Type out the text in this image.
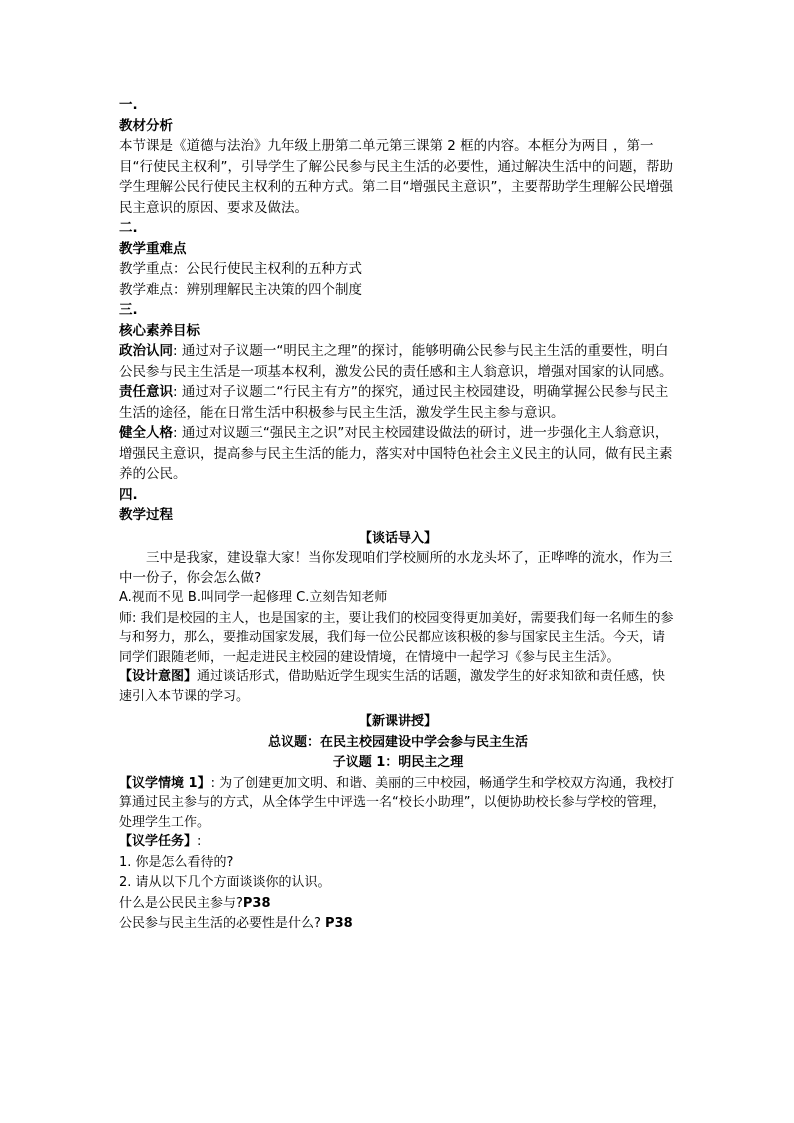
一.

教材分析

本节课是《道德与法治》九年级上册第二单元第三课第 2 框的内容。本框分为两目 ，第一目“行使民主权利”，引导学生了解公民参与民主生活的必要性，通过解决生活中的问题，帮助学生理解公民行使民主权利的五种方式。第二目“增强民主意识”，主要帮助学生理解公民增强民主意识的原因、要求及做法。

二.

教学重难点

教学重点：公民行使民主权利的五种方式

教学难点：辨别理解民主决策的四个制度

三.

核心素养目标

政治认同: 通过对子议题一“明民主之理”的探讨，能够明确公民参与民主生活的重要性，明白公民参与民主生活是一项基本权利，激发公民的责任感和主人翁意识，增强对国家的认同感。

责任意识: 通过对子议题二“行民主有方”的探究，通过民主校园建设，明确掌握公民参与民主生活的途径，能在日常生活中积极参与民主生活，激发学生民主参与意识。

健全人格: 通过对议题三“强民主之识”对民主校园建设做法的研讨，进一步强化主人翁意识，增强民主意识，提高参与民主生活的能力，落实对中国特色社会主义民主的认同，做有民主素养的公民。

四.

教学过程

【谈话导入】

三中是我家，建设靠大家！当你发现咱们学校厕所的水龙头坏了，正哗哗的流水，作为三中一份子，你会怎么做?

A.视而不见 B.叫同学一起修理 C.立刻告知老师

师: 我们是校园的主人，也是国家的主，要让我们的校园变得更加美好，需要我们每一名师生的参与和努力，那么，要推动国家发展，我们每一位公民都应该积极的参与国家民主生活。今天，请同学们跟随老师，一起走进民主校园的建设情境，在情境中一起学习《参与民主生活》。

【设计意图】通过谈话形式，借助贴近学生现实生活的话题，激发学生的好求知欲和责任感，快速引入本节课的学习。

【新课讲授】

总议题：在民主校园建设中学会参与民主生活

子议题 1：明民主之理

【议学情境 1】: 为了创建更加文明、和谐、美丽的三中校园，畅通学生和学校双方沟通，我校打算通过民主参与的方式，从全体学生中评选一名“校长小助理”，以便协助校长参与学校的管理，处理学生工作。

【议学任务】:

1. 你是怎么看待的?

2. 请从以下几个方面谈谈你的认识。

什么是公民民主参与?P38

公民参与民主生活的必要性是什么? P38
